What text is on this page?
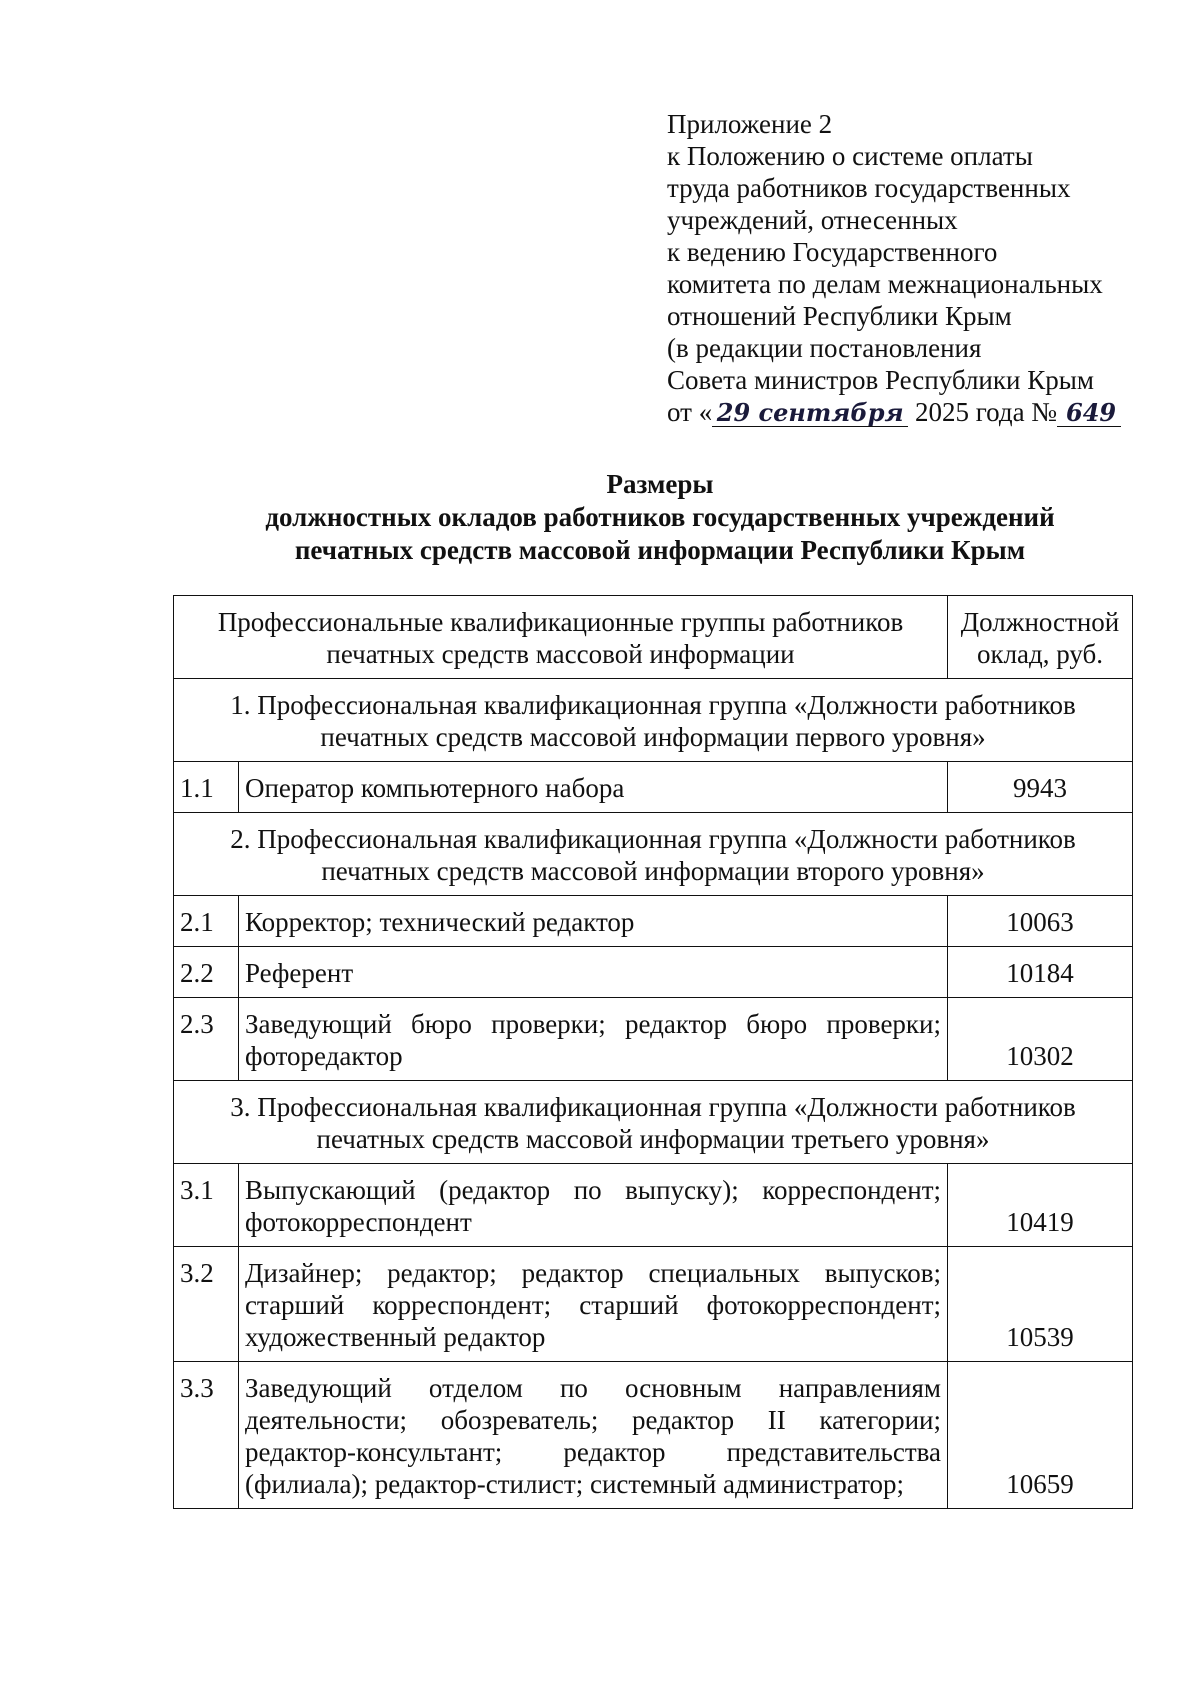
Приложение 2
к Положению о системе оплаты
труда работников государственных
учреждений, отнесенных
к ведению Государственного
комитета по делам межнациональных
отношений Республики Крым
(в редакции постановления
Совета министров Республики Крым
от « 29 сентября 2025 года № 649
Размеры
должностных окладов работников государственных учреждений
печатных средств массовой информации Республики Крым
Профессиональные квалификационные группы работников печатных средств массовой информации		Должностной оклад, руб.
1. Профессиональная квалификационная группа «Должности работников печатных средств массовой информации первого уровня»		
1.1	Оператор компьютерного набора	9943
2. Профессиональная квалификационная группа «Должности работников печатных средств массовой информации второго уровня»		
2.1	Корректор; технический редактор	10063
2.2	Референт	10184
2.3	Заведующий бюро проверки; редактор бюро проверки; фоторедактор	10302
3. Профессиональная квалификационная группа «Должности работников печатных средств массовой информации третьего уровня»		
3.1	Выпускающий (редактор по выпуску); корреспондент; фотокорреспондент	10419
3.2	Дизайнер; редактор; редактор специальных выпусков; старший корреспондент; старший фотокорреспондент; художественный редактор	10539
3.3	Заведующий отделом по основным направлениям деятельности; обозреватель; редактор II категории; редактор-консультант; редактор представительства (филиала); редактор-стилист; системный администратор;	10659
